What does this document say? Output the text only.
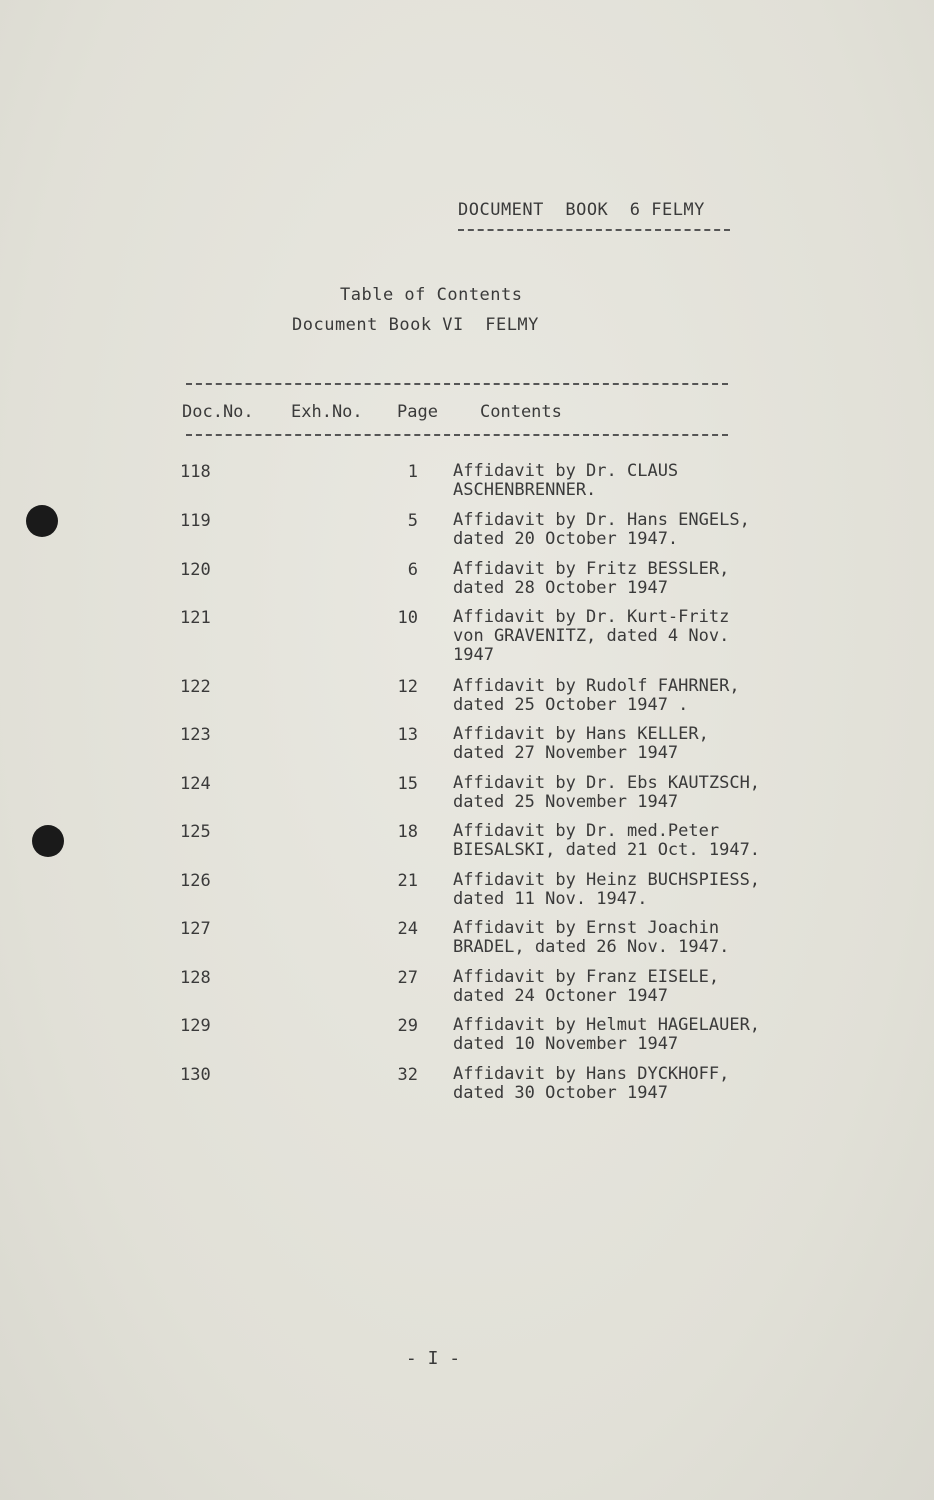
DOCUMENT  BOOK  6 FELMY
Table of Contents
Document Book VI  FELMY
Doc.No. Exh.No. Page Contents
118	1 Affidavit by Dr. CLAUS
ASCHENBRENNER.
119	5 Affidavit by Dr. Hans ENGELS,
dated 20 October 1947.
120	6 Affidavit by Fritz BESSLER,
dated 28 October 1947
121	10 Affidavit by Dr. Kurt-Fritz
von GRAVENITZ, dated 4 Nov.
1947
122	12 Affidavit by Rudolf FAHRNER,
dated 25 October 1947 .
123	13 Affidavit by Hans KELLER,
dated 27 November 1947
124	15 Affidavit by Dr. Ebs KAUTZSCH,
dated 25 November 1947
125	18 Affidavit by Dr. med.Peter
BIESALSKI, dated 21 Oct. 1947.
126	21 Affidavit by Heinz BUCHSPIESS,
dated 11 Nov. 1947.
127	24 Affidavit by Ernst Joachin
BRADEL, dated 26 Nov. 1947.
128	27 Affidavit by Franz EISELE,
dated 24 Octoner 1947
129	29 Affidavit by Helmut HAGELAUER,
dated 10 November 1947
130	32 Affidavit by Hans DYCKHOFF,
dated 30 October 1947
- I -
